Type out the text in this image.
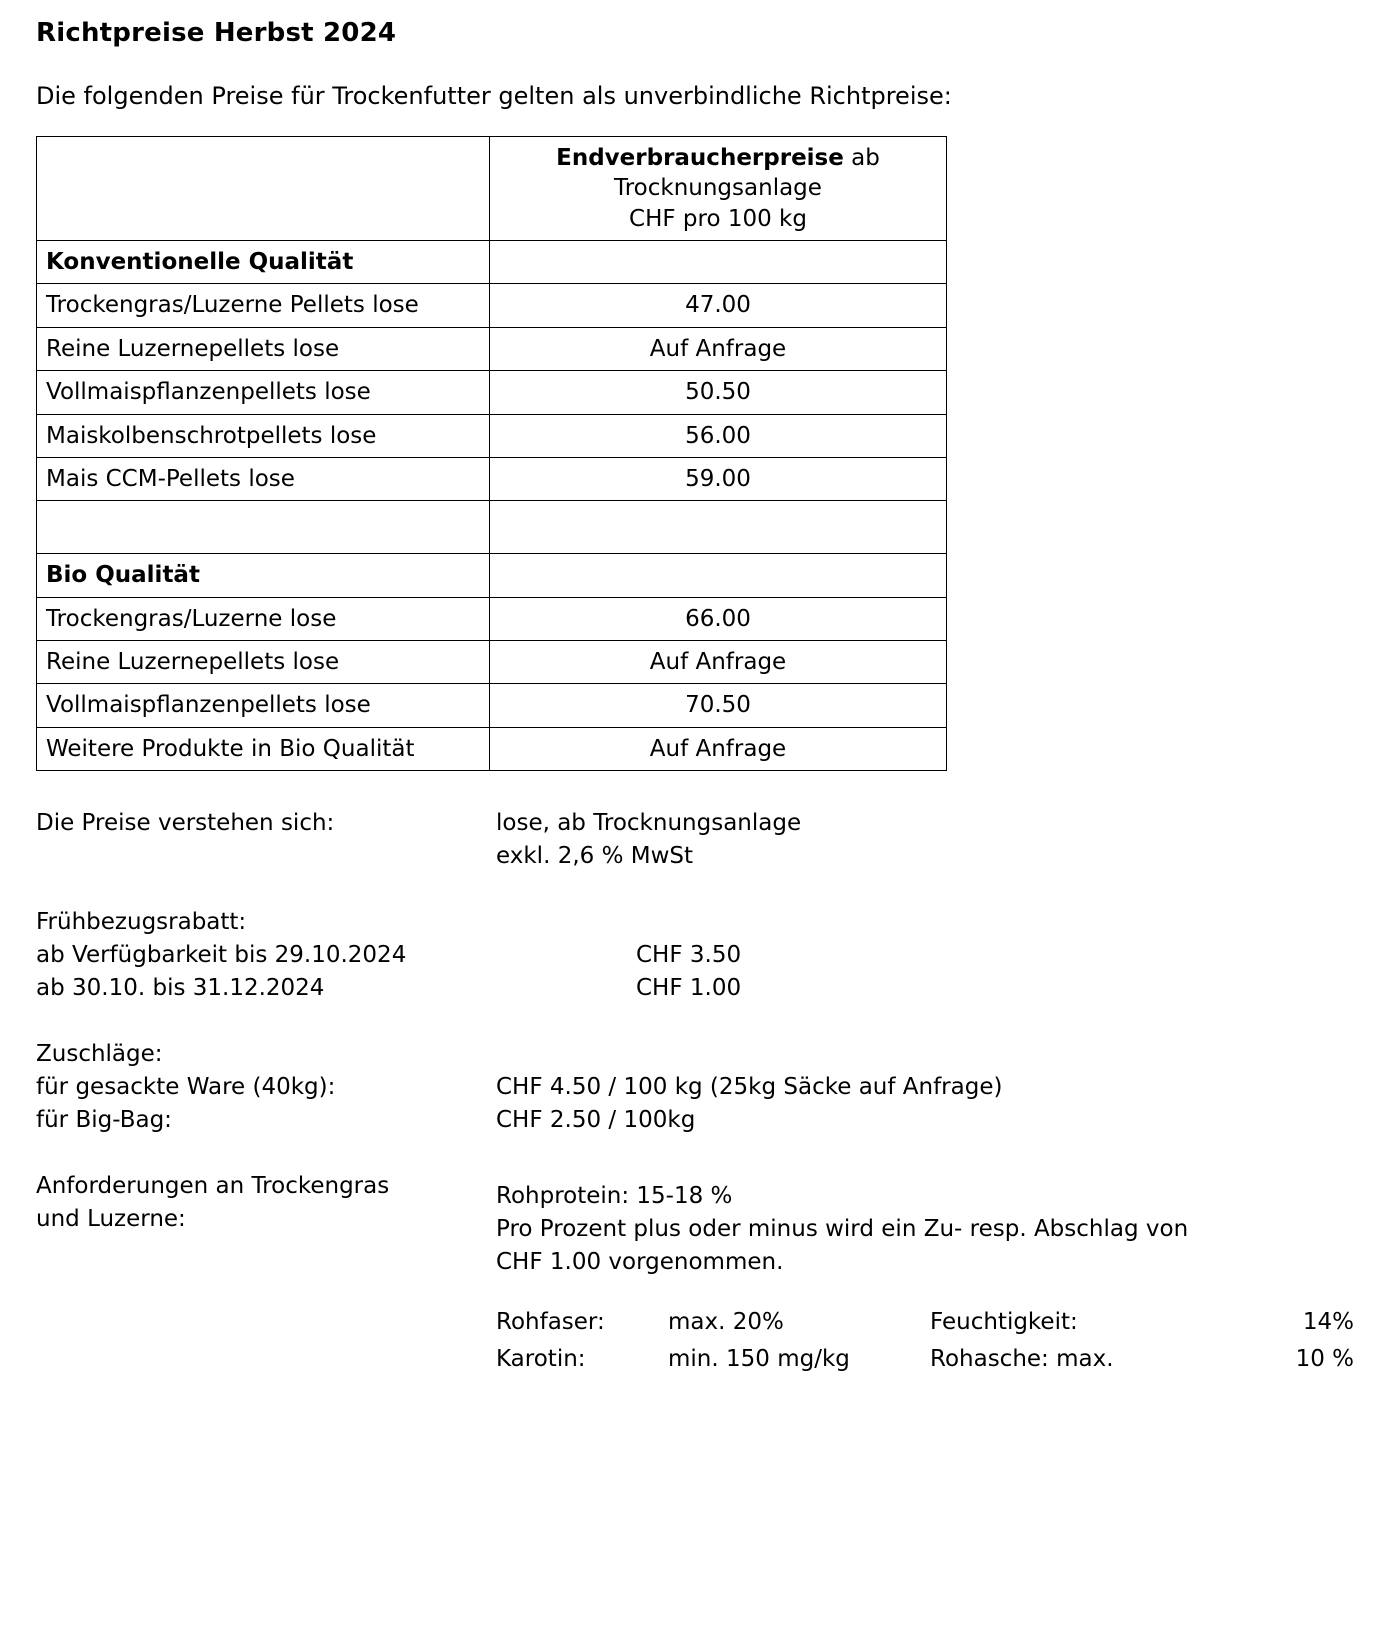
Richtpreise Herbst 2024

Die folgenden Preise für Trockenfutter gelten als unverbindliche Richtpreise:

	Endverbraucherpreise ab
Trocknungsanlage
CHF pro 100 kg
Konventionelle Qualität	
Trockengras/Luzerne Pellets lose	47.00
Reine Luzernepellets lose	Auf Anfrage
Vollmaispflanzenpellets lose	50.50
Maiskolbenschrotpellets lose	56.00
Mais CCM-Pellets lose	59.00

Bio Qualität	
Trockengras/Luzerne lose	66.00
Reine Luzernepellets lose	Auf Anfrage
Vollmaispflanzenpellets lose	70.50
Weitere Produkte in Bio Qualität	Auf Anfrage
Die Preise verstehen sich:	lose, ab Trocknungsanlage
exkl. 2,6 % MwSt
Frühbezugsrabatt:
ab Verfügbarkeit bis 29.10.2024	CHF 3.50
ab 30.10. bis 31.12.2024	CHF 1.00
Zuschläge:
für gesackte Ware (40kg):	CHF 4.50 / 100 kg (25kg Säcke auf Anfrage)
für Big-Bag:	CHF 2.50 / 100kg
Anforderungen an Trockengras
und Luzerne:
Rohprotein: 15-18 %
Pro Prozent plus oder minus wird ein Zu- resp. Abschlag von
CHF 1.00 vorgenommen.
Rohfaser:	max. 20%	Feuchtigkeit:	14%
Karotin:	min. 150 mg/kg	Rohasche: max.	10 %
